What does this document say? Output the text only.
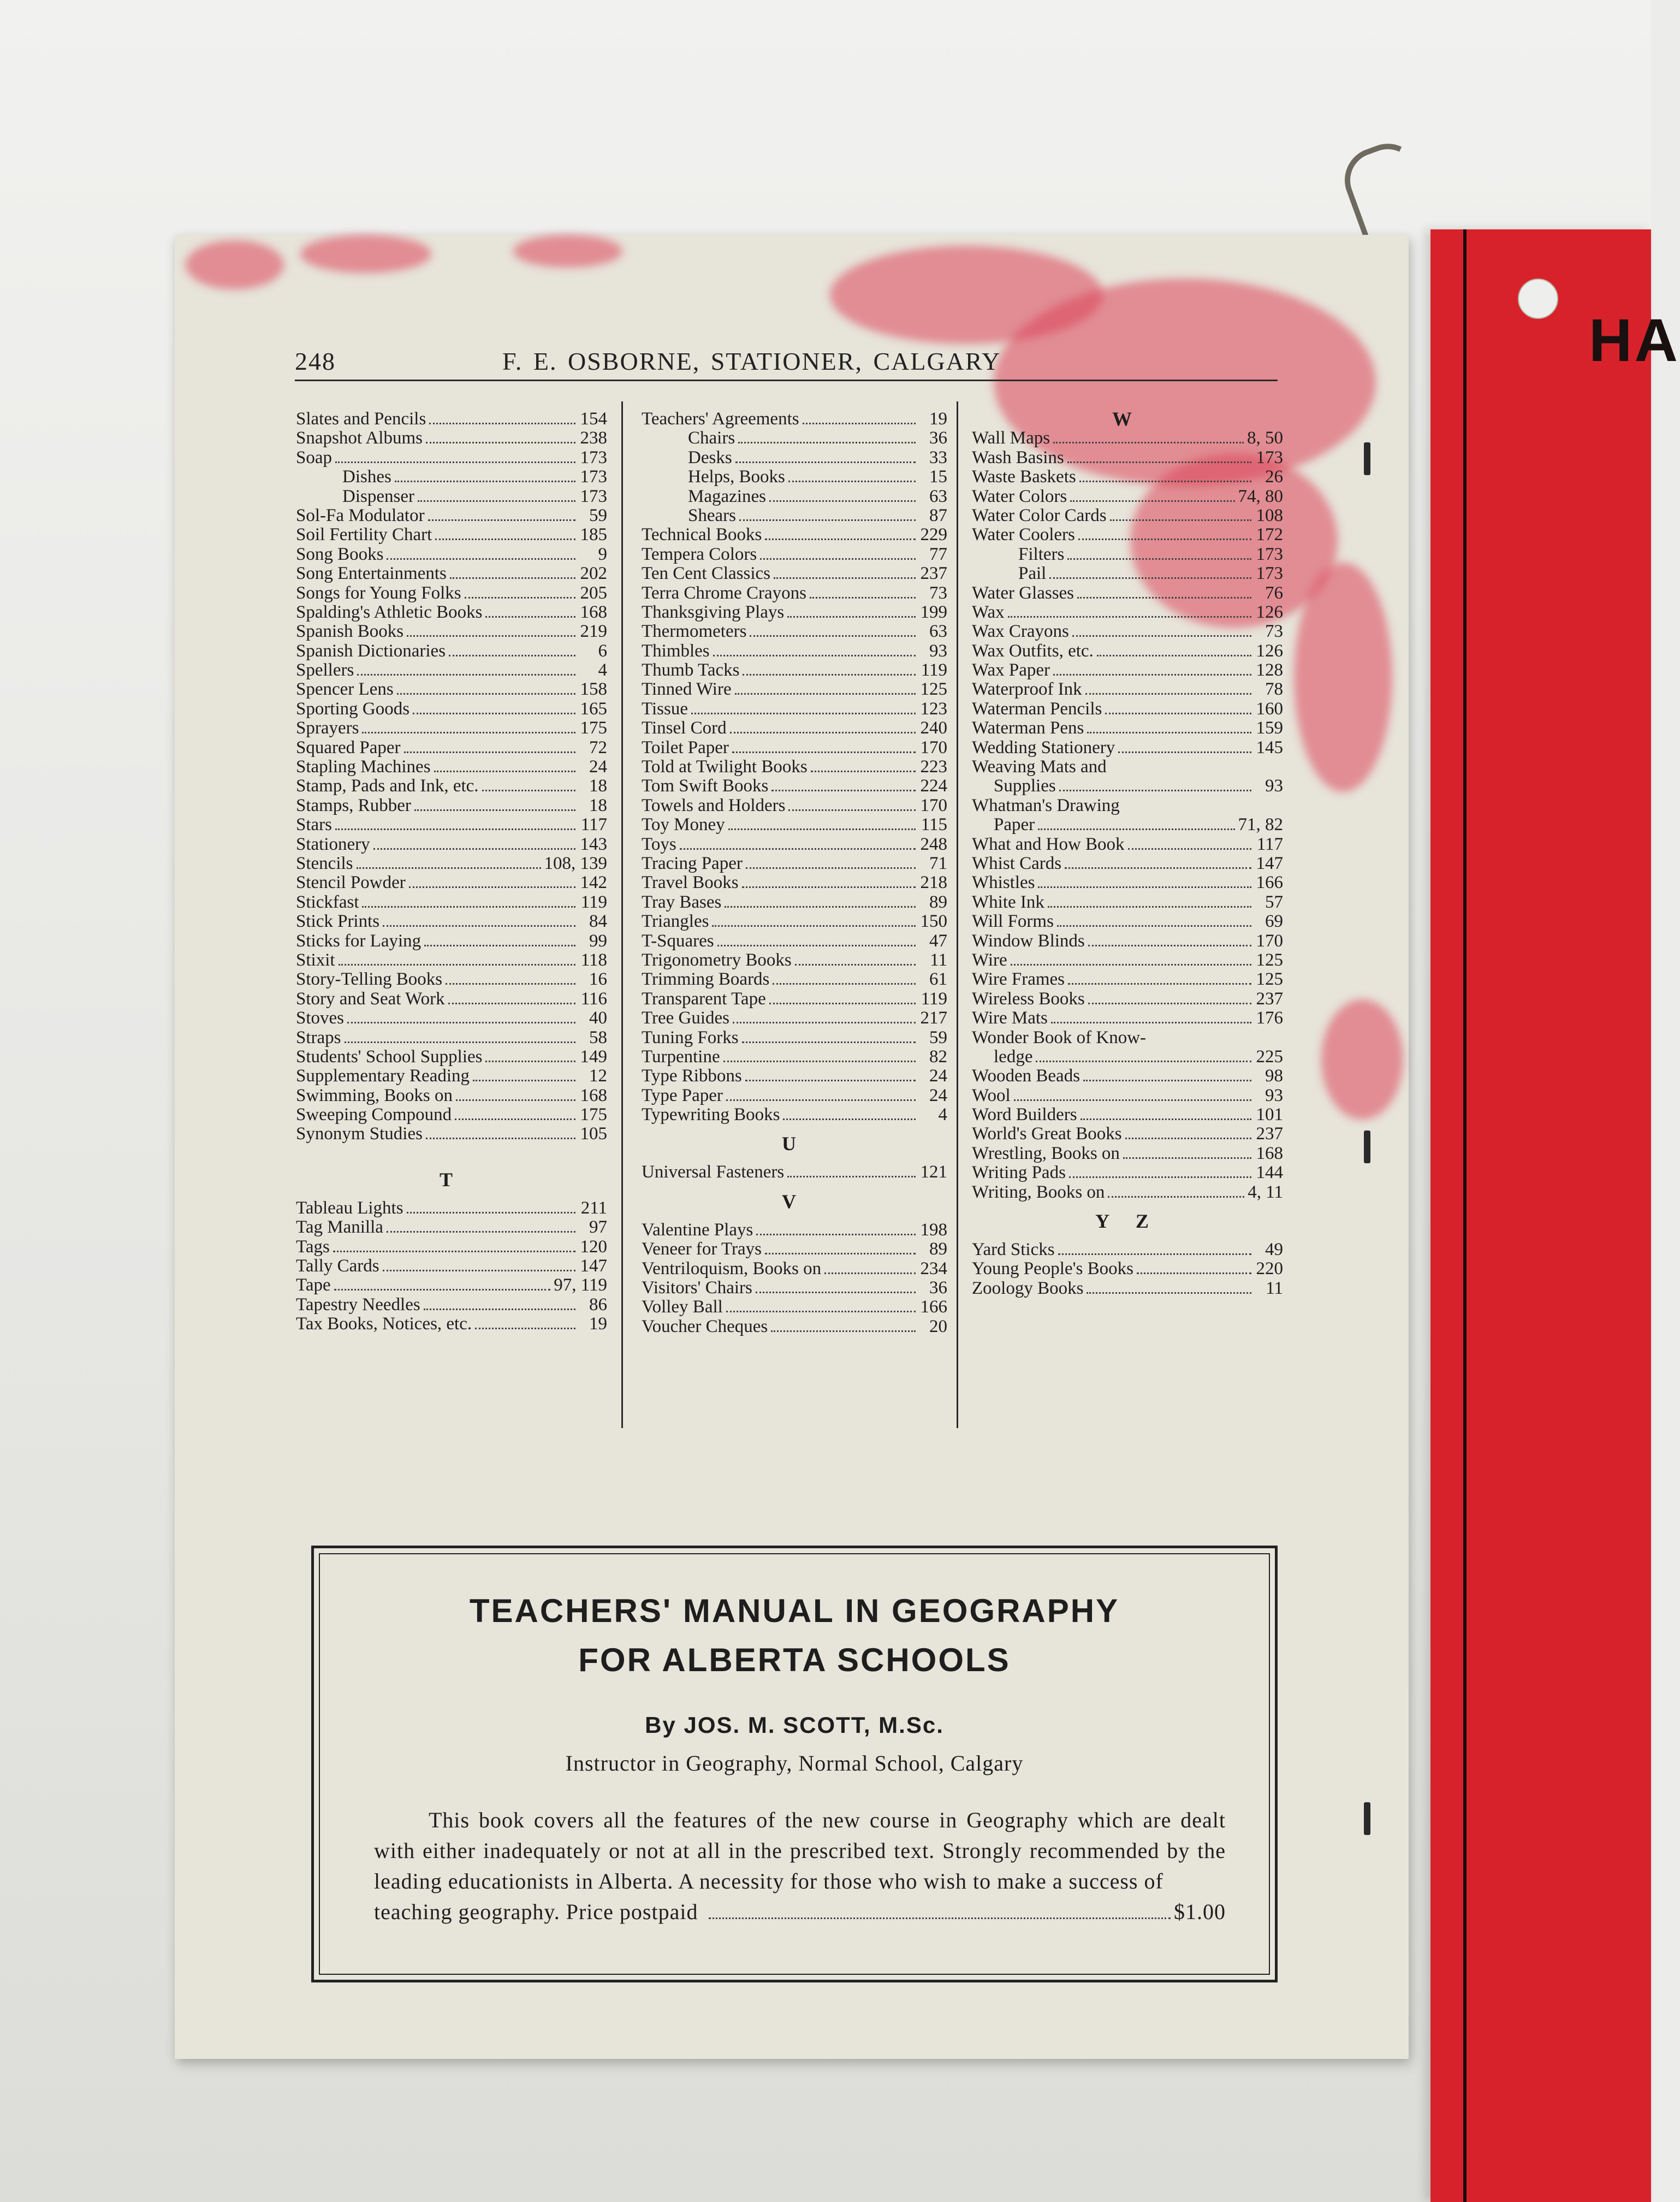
HA
248	F. E. OSBORNE, STATIONER, CALGARY
Slates and Pencils	154
Snapshot Albums	238
Soap	173
Dishes	173
Dispenser	173
Sol-Fa Modulator	59
Soil Fertility Chart	185
Song Books	9
Song Entertainments	202
Songs for Young Folks	205
Spalding's Athletic Books	168
Spanish Books	219
Spanish Dictionaries	6
Spellers	4
Spencer Lens	158
Sporting Goods	165
Sprayers	175
Squared Paper	72
Stapling Machines	24
Stamp, Pads and Ink, etc.	18
Stamps, Rubber	18
Stars	117
Stationery	143
Stencils	108, 139
Stencil Powder	142
Stickfast	119
Stick Prints	84
Sticks for Laying	99
Stixit	118
Story-Telling Books	16
Story and Seat Work	116
Stoves	40
Straps	58
Students' School Supplies	149
Supplementary Reading	12
Swimming, Books on	168
Sweeping Compound	175
Synonym Studies	105
T
Tableau Lights	211
Tag Manilla	97
Tags	120
Tally Cards	147
Tape	97, 119
Tapestry Needles	86
Tax Books, Notices, etc.	19
Teachers' Agreements	19
Chairs	36
Desks	33
Helps, Books	15
Magazines	63
Shears	87
Technical Books	229
Tempera Colors	77
Ten Cent Classics	237
Terra Chrome Crayons	73
Thanksgiving Plays	199
Thermometers	63
Thimbles	93
Thumb Tacks	119
Tinned Wire	125
Tissue	123
Tinsel Cord	240
Toilet Paper	170
Told at Twilight Books	223
Tom Swift Books	224
Towels and Holders	170
Toy Money	115
Toys	248
Tracing Paper	71
Travel Books	218
Tray Bases	89
Triangles	150
T-Squares	47
Trigonometry Books	11
Trimming Boards	61
Transparent Tape	119
Tree Guides	217
Tuning Forks	59
Turpentine	82
Type Ribbons	24
Type Paper	24
Typewriting Books	4
U
Universal Fasteners	121
V
Valentine Plays	198
Veneer for Trays	89
Ventriloquism, Books on	234
Visitors' Chairs	36
Volley Ball	166
Voucher Cheques	20
W
Wall Maps	8, 50
Wash Basins	173
Waste Baskets	26
Water Colors	74, 80
Water Color Cards	108
Water Coolers	172
Filters	173
Pail	173
Water Glasses	76
Wax	126
Wax Crayons	73
Wax Outfits, etc.	126
Wax Paper	128
Waterproof Ink	78
Waterman Pencils	160
Waterman Pens	159
Wedding Stationery	145
Weaving Mats and
Supplies	93
Whatman's Drawing
Paper	71, 82
What and How Book	117
Whist Cards	147
Whistles	166
White Ink	57
Will Forms	69
Window Blinds	170
Wire	125
Wire Frames	125
Wireless Books	237
Wire Mats	176
Wonder Book of Know-
ledge	225
Wooden Beads	98
Wool	93
Word Builders	101
World's Great Books	237
Wrestling, Books on	168
Writing Pads	144
Writing, Books on	4, 11
Y Z
Yard Sticks	49
Young People's Books	220
Zoology Books	11
TEACHERS' MANUAL IN GEOGRAPHY
FOR ALBERTA SCHOOLS
By JOS. M. SCOTT, M.Sc.
Instructor in Geography, Normal School, Calgary
This book covers all the features of the new course in Geography which are dealt with either inadequately or not at all in the prescribed text. Strongly recommended by the leading educationists in Alberta. A necessity for those who wish to make a success of
teaching geography. Price postpaid	$1.00
